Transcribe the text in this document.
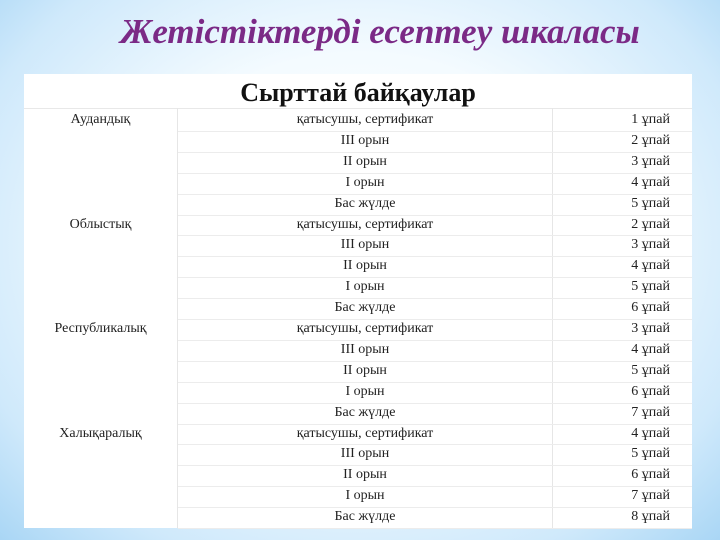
Жетістіктерді есептеу шкаласы
Сырттай байқаулар
Аудандық	қатысушы, сертификат	1 ұпай
ІІІ орын	2 ұпай
ІІ орын	3 ұпай
І орын	4 ұпай
Бас жүлде	5 ұпай
Облыстық	қатысушы, сертификат	2 ұпай
ІІІ орын	3 ұпай
ІІ орын	4 ұпай
І орын	5 ұпай
Бас жүлде	6 ұпай
Республикалық	қатысушы, сертификат	3 ұпай
ІІІ орын	4 ұпай
ІІ орын	5 ұпай
І орын	6 ұпай
Бас жүлде	7 ұпай
Халықаралық	қатысушы, сертификат	4 ұпай
ІІІ орын	5 ұпай
ІІ орын	6 ұпай
І орын	7 ұпай
Бас жүлде	8 ұпай
